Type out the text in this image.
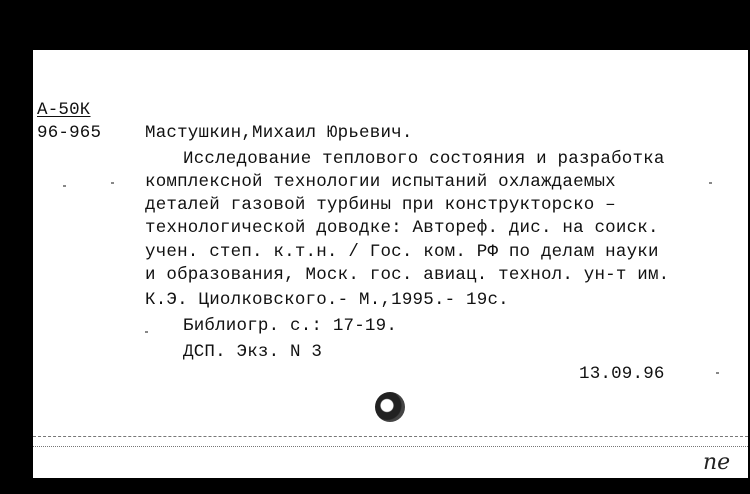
А-50К
96-965	Мастушкин,Михаил Юрьевич.
Исследование теплового состояния и разработка
комплексной технологии испытаний охлаждаемых
деталей газовой турбины при конструкторско –
технологической доводке: Автореф. дис. на соиск.
учен. степ. к.т.н. / Гос. ком. РФ по делам науки
и образования, Моск. гос. авиац. технол. ун-т им.
К.Э. Циолковского.- М.,1995.- 19с.
Библиогр. с.: 17-19.
ДСП. Экз. N 3
13.09.96
ne
